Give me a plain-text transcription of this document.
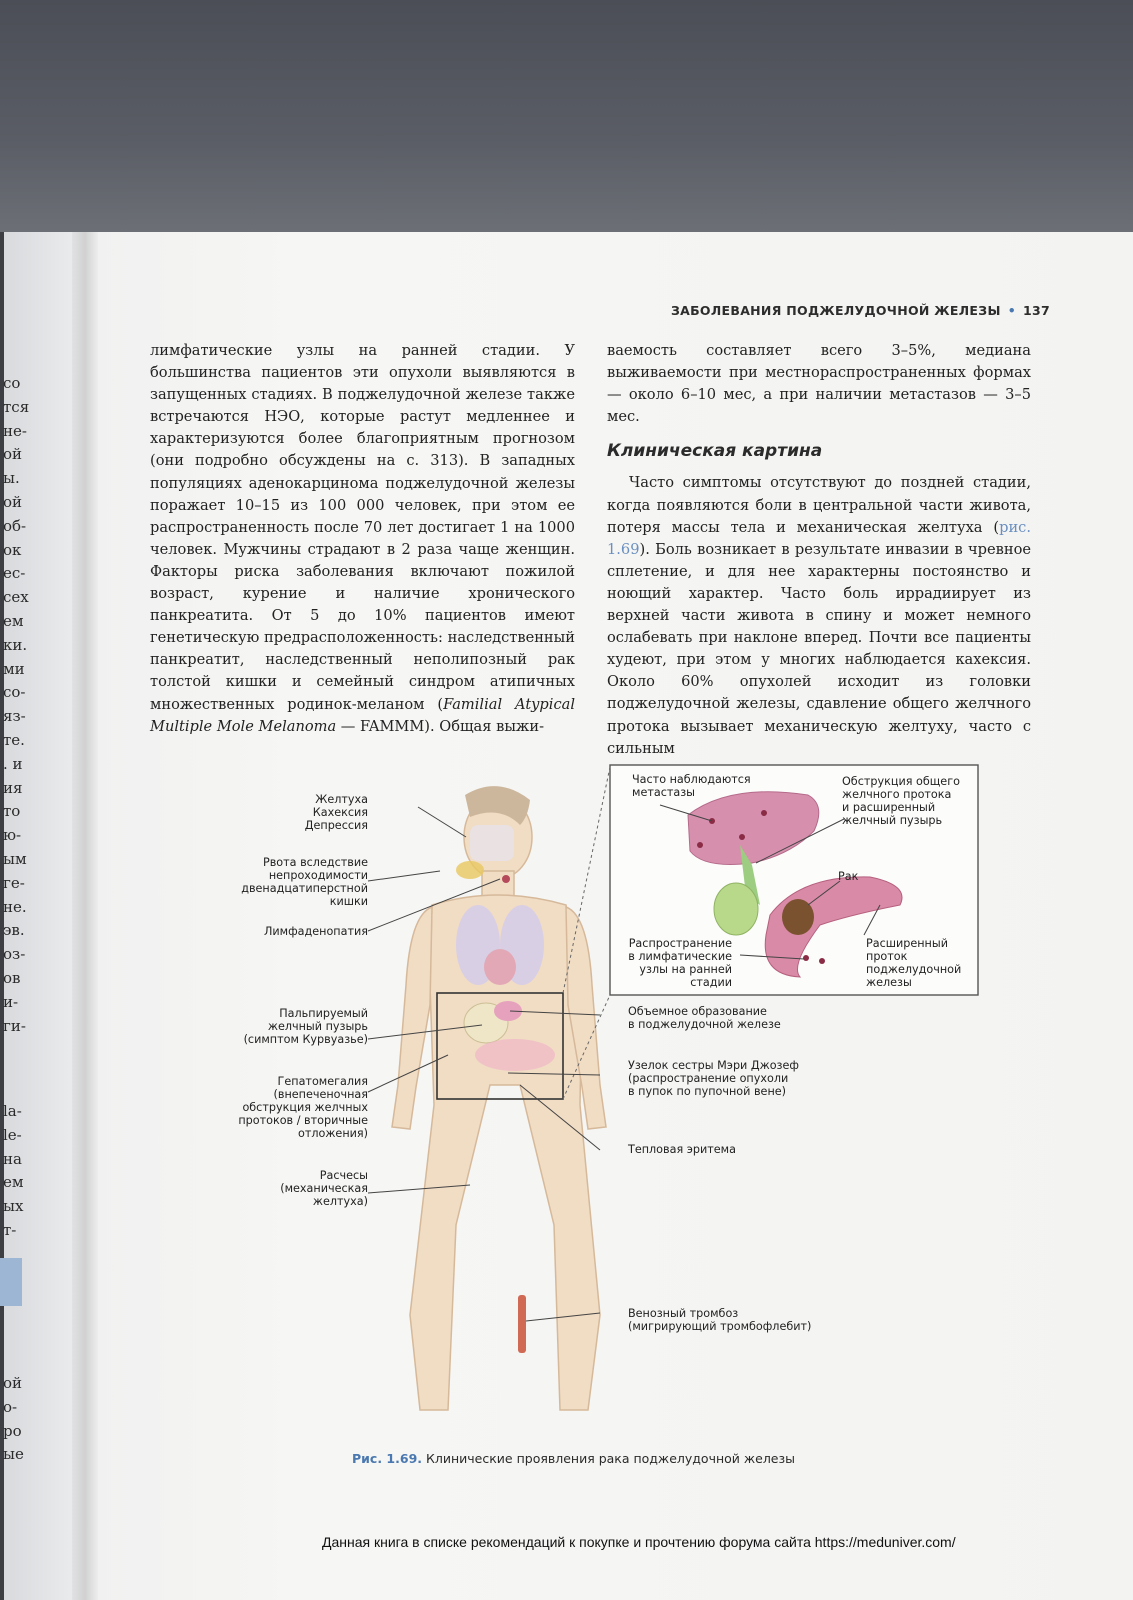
со
тся
не-
ой
ы.
ой
об-
ок
ес-
сех
ем
ки.
ми
со-
яз-
те.
. и
ия
то
ю-
ым
ге-
не.
эв.
оз-
ов
и-
ги-
la-
le-
на
ем
ых
т-
ой
о-
ро
ые
ЗАБОЛЕВАНИЯ ПОДЖЕЛУДОЧНОЙ ЖЕЛЕЗЫ • 137

лимфатические узлы на ранней стадии. У большинства пациентов эти опухоли выявляются в запущенных стадиях. В поджелудочной железе также встречаются НЭО, которые растут медленнее и характеризуются более благоприятным прогнозом (они подробно обсуждены на с. 313). В западных популяциях аденокарцинома поджелудочной железы поражает 10–15 из 100 000 человек, при этом ее распространенность после 70 лет достигает 1 на 1000 человек. Мужчины страдают в 2 раза чаще женщин. Факторы риска заболевания включают пожилой возраст, курение и наличие хронического панкреатита. От 5 до 10% пациентов имеют генетическую предрасположенность: наследственный панкреатит, наследственный неполипозный рак толстой кишки и семейный синдром атипичных множественных родинок-меланом (Familial Atypical Multiple Mole Melanoma — FAMMM). Общая выжи-

ваемость составляет всего 3–5%, медиана выживаемости при местнораспространенных формах — около 6–10 мес, а при наличии метастазов — 3–5 мес.

Клиническая картина

Часто симптомы отсутствуют до поздней стадии, когда появляются боли в центральной части живота, потеря массы тела и механическая желтуха (рис. 1.69). Боль возникает в результате инвазии в чревное сплетение, и для нее характерны постоянство и ноющий характер. Часто боль иррадиирует из верхней части живота в спину и может немного ослабевать при наклоне вперед. Почти все пациенты худеют, при этом у многих наблюдается кахексия. Около 60% опухолей исходит из головки поджелудочной железы, сдавление общего желчного протока вызывает механическую желтуху, часто с сильным

Желтуха
Кахексия
Депрессия
Рвота вследствие
непроходимости
двенадцатиперстной
кишки
Лимфаденопатия
Пальпируемый
желчный пузырь
(симптом Курвуазье)
Гепатомегалия
(внепеченочная
обструкция желчных
протоков / вторичные
отложения)
Расчесы
(механическая
желтуха)
Объемное образование
в поджелудочной железе
Узелок сестры Мэри Джозеф
(распространение опухоли
в пупок по пупочной вене)
Тепловая эритема
Венозный тромбоз
(мигрирующий тромбофлебит)
Часто наблюдаются
метастазы
Обструкция общего
желчного протока
и расширенный
желчный пузырь
Рак
Распространение
в лимфатические
узлы на ранней
стадии
Расширенный
проток
поджелудочной
железы
Рис. 1.69. Клинические проявления рака поджелудочной железы
Данная книга в списке рекомендаций к покупке и прочтению форума сайта https://meduniver.com/
